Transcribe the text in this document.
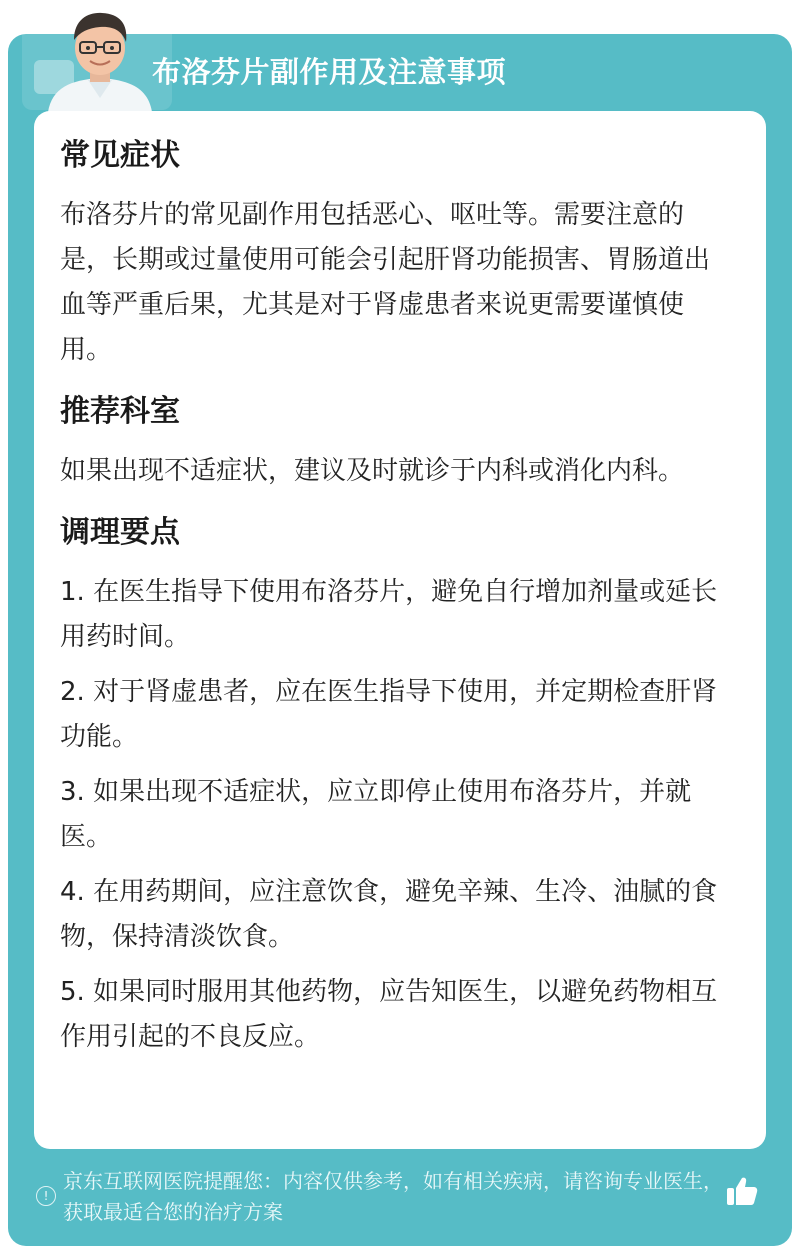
布洛芬片副作用及注意事项
常见症状

布洛芬片的常见副作用包括恶心、呕吐等。需要注意的是，长期或过量使用可能会引起肝肾功能损害、胃肠道出血等严重后果，尤其是对于肾虚患者来说更需要谨慎使用。

推荐科室

如果出现不适症状，建议及时就诊于内科或消化内科。

调理要点

1. 在医生指导下使用布洛芬片，避免自行增加剂量或延长用药时间。

2. 对于肾虚患者，应在医生指导下使用，并定期检查肝肾功能。

3. 如果出现不适症状，应立即停止使用布洛芬片，并就医。

4. 在用药期间，应注意饮食，避免辛辣、生冷、油腻的食物，保持清淡饮食。

5. 如果同时服用其他药物，应告知医生，以避免药物相互作用引起的不良反应。

!
京东互联网医院提醒您：内容仅供参考，如有相关疾病，请咨询专业医生，获取最适合您的治疗方案
